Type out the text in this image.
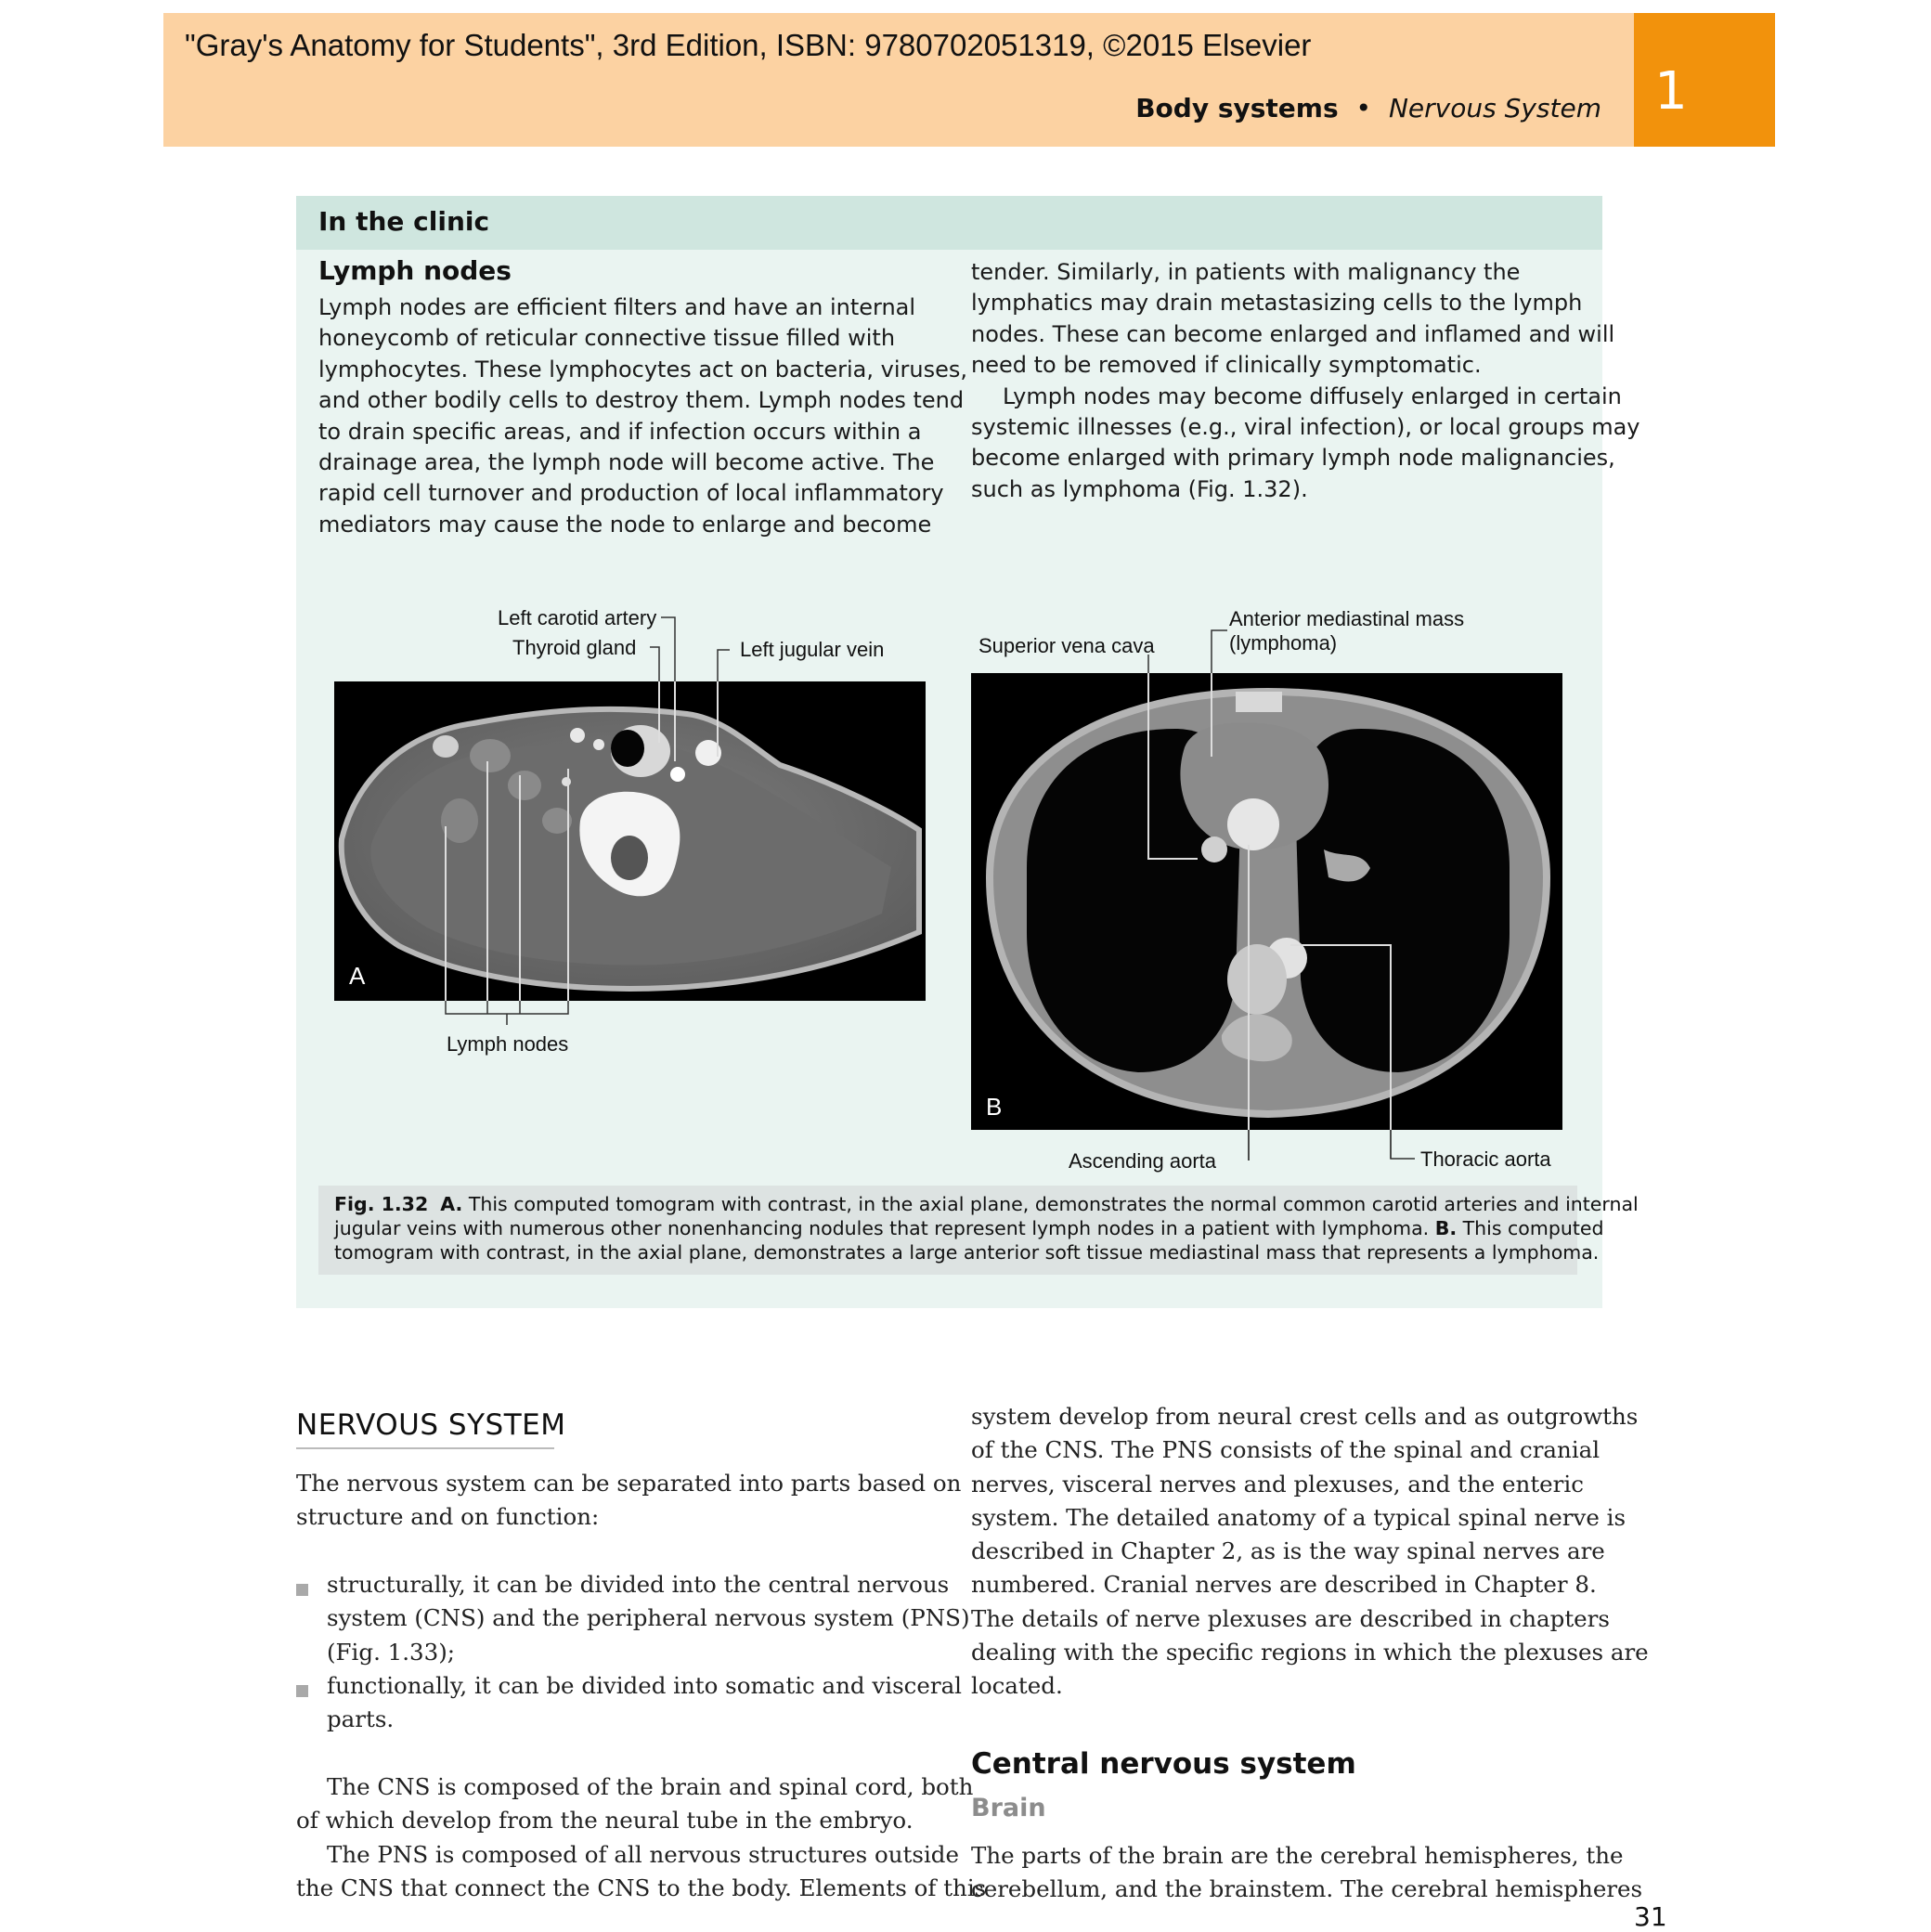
"Gray's Anatomy for Students", 3rd Edition, ISBN: 9780702051319, ©2015 Elsevier
Body systems • Nervous System	1
In the clinic
Lymph nodes
Lymph nodes are efficient filters and have an internal
honeycomb of reticular connective tissue filled with
lymphocytes. These lymphocytes act on bacteria, viruses,
and other bodily cells to destroy them. Lymph nodes tend
to drain specific areas, and if infection occurs within a
drainage area, the lymph node will become active. The
rapid cell turnover and production of local inflammatory
mediators may cause the node to enlarge and become
tender. Similarly, in patients with malignancy the
lymphatics may drain metastasizing cells to the lymph
nodes. These can become enlarged and inflamed and will
need to be removed if clinically symptomatic.
Lymph nodes may become diffusely enlarged in certain
systemic illnesses (e.g., viral infection), or local groups may
become enlarged with primary lymph node malignancies,
such as lymphoma (Fig. 1.32).
Left carotid artery
Thyroid gland	Left jugular vein
A
Lymph nodes
Superior vena cava
Anterior mediastinal mass
(lymphoma)
B
Ascending aorta	Thoracic aorta
Fig. 1.32 A. This computed tomogram with contrast, in the axial plane, demonstrates the normal common carotid arteries and internal
jugular veins with numerous other nonenhancing nodules that represent lymph nodes in a patient with lymphoma. B. This computed
tomogram with contrast, in the axial plane, demonstrates a large anterior soft tissue mediastinal mass that represents a lymphoma.
NERVOUS SYSTEM
The nervous system can be separated into parts based on
structure and on function:
structurally, it can be divided into the central nervous
system (CNS) and the peripheral nervous system (PNS)
(Fig. 1.33);
functionally, it can be divided into somatic and visceral
parts.
The CNS is composed of the brain and spinal cord, both
of which develop from the neural tube in the embryo.
The PNS is composed of all nervous structures outside
the CNS that connect the CNS to the body. Elements of this
system develop from neural crest cells and as outgrowths
of the CNS. The PNS consists of the spinal and cranial
nerves, visceral nerves and plexuses, and the enteric
system. The detailed anatomy of a typical spinal nerve is
described in Chapter 2, as is the way spinal nerves are
numbered. Cranial nerves are described in Chapter 8.
The details of nerve plexuses are described in chapters
dealing with the specific regions in which the plexuses are
located.
Central nervous system
Brain
The parts of the brain are the cerebral hemispheres, the
cerebellum, and the brainstem. The cerebral hemispheres
31
